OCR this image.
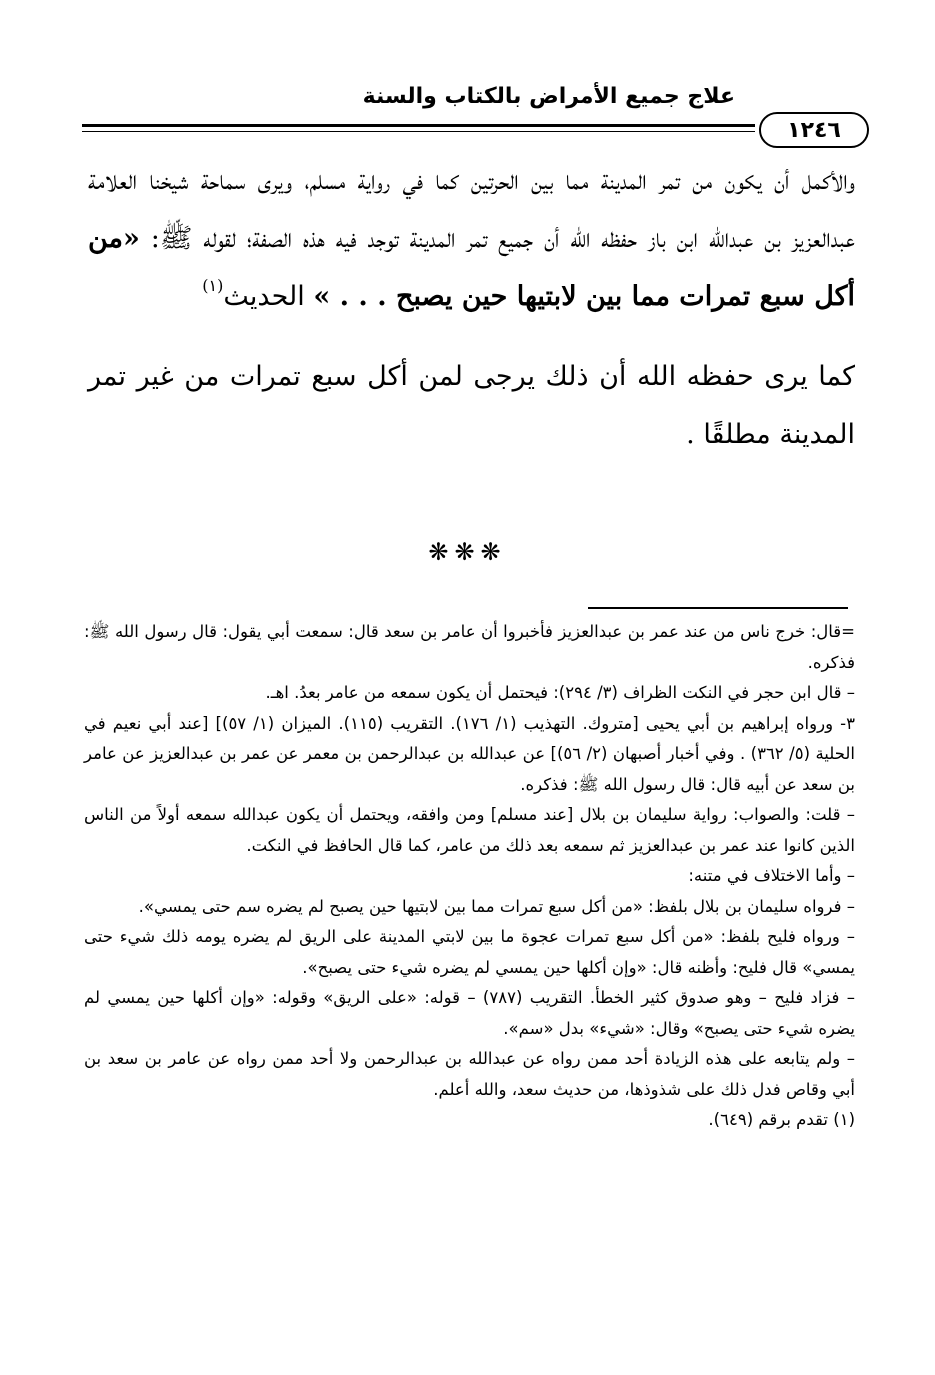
علاج جميع الأمراض بالكتاب والسنة
١٢٤٦

والأكمل أن يكون من تمر المدينة مما بين الحرتين كما في رواية مسلم، ويرى سماحة شيخنا العلامة عبدالعزيز بن عبدالله ابن باز حفظه الله أن جميع تمر المدينة توجد فيه هذه الصفة؛ لقوله ﷺ: «من أكل سبع تمرات مما بين لابتيها حين يصبح . . . » الحديث$^{(١)}$

كما يرى حفظه الله أن ذلك يرجى لمن أكل سبع تمرات من غير تمر المدينة مطلقًا .

❋❋❋

=قال: خرج ناس من عند عمر بن عبدالعزيز فأخبروا أن عامر بن سعد قال: سمعت أبي يقول: قال رسول الله ﷺ: فذكره.

– قال ابن حجر في النكت الظراف (٣/ ٢٩٤): فيحتمل أن يكون سمعه من عامر بعدُ. اهـ.

٣- ورواه إبراهيم بن أبي يحيى [متروك. التهذيب (١/ ١٧٦). التقريب (١١٥). الميزان (١/ ٥٧)] [عند أبي نعيم في الحلية (٥/ ٣٦٢) . وفي أخبار أصبهان (٢/ ٥٦)] عن عبدالله بن عبدالرحمن بن معمر عن عمر بن عبدالعزيز عن عامر بن سعد عن أبيه قال: قال رسول الله ﷺ: فذكره.

– قلت: والصواب: رواية سليمان بن بلال [عند مسلم] ومن وافقه، ويحتمل أن يكون عبدالله سمعه أولاً من الناس الذين كانوا عند عمر بن عبدالعزيز ثم سمعه بعد ذلك من عامر، كما قال الحافظ في النكت.

– وأما الاختلاف في متنه:

– فرواه سليمان بن بلال بلفظ: «من أكل سبع تمرات مما بين لابتيها حين يصبح لم يضره سم حتى يمسي».

– ورواه فليح بلفظ: «من أكل سبع تمرات عجوة ما بين لابتي المدينة على الريق لم يضره يومه ذلك شيء حتى يمسي» قال فليح: وأظنه قال: «وإن أكلها حين يمسي لم يضره شيء حتى يصبح».

– فزاد فليح – وهو صدوق كثير الخطأ. التقريب (٧٨٧) – قوله: «على الريق» وقوله: «وإن أكلها حين يمسي لم يضره شيء حتى يصبح» وقال: «شيء» بدل «سم».

– ولم يتابعه على هذه الزيادة أحد ممن رواه عن عبدالله بن عبدالرحمن ولا أحد ممن رواه عن عامر بن سعد بن أبي وقاص فدل ذلك على شذوذها، من حديث سعد، والله أعلم.

(١) تقدم برقم (٦٤٩).
